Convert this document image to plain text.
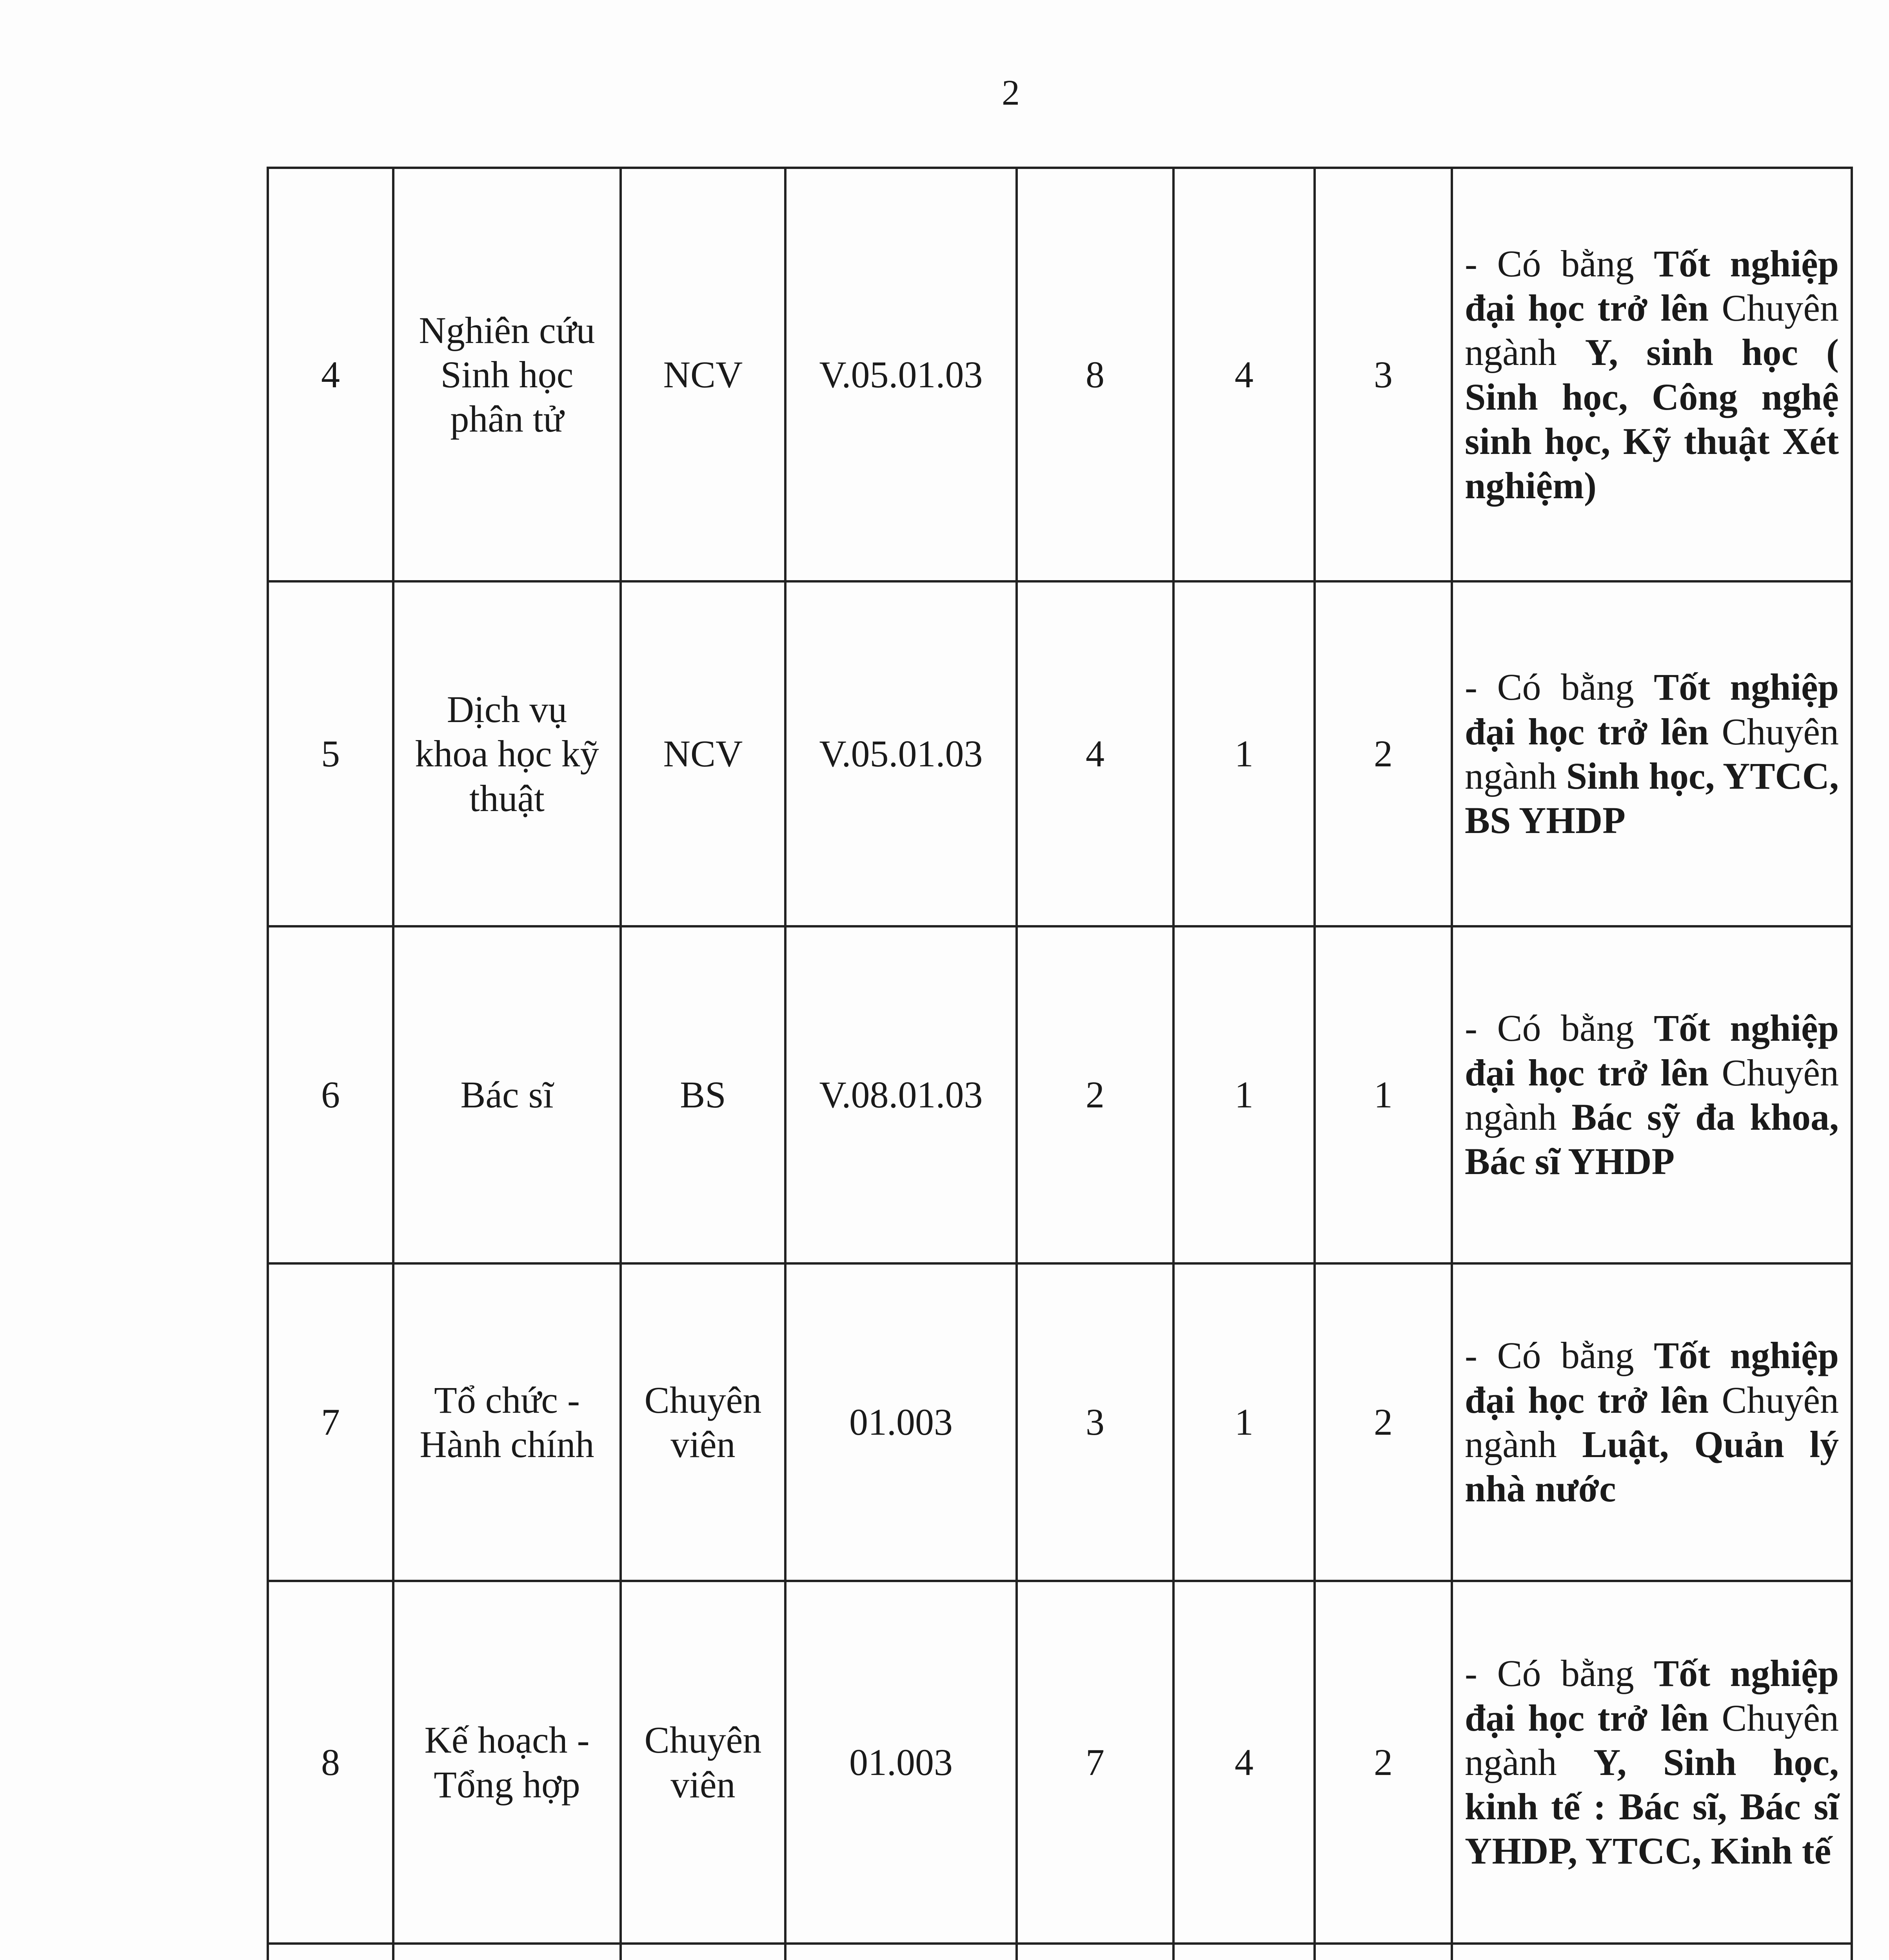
2
4	Nghiên cứu Sinh học phân tử	NCV	V.05.01.03	8	4	3	- Có bằng Tốt nghiệp đại học trở lên Chuyên ngành Y, sinh học ( Sinh học, Công nghệ sinh học, Kỹ thuật Xét nghiệm)

5	Dịch vụ khoa học kỹ thuật	NCV	V.05.01.03	4	1	2	- Có bằng Tốt nghiệp đại học trở lên Chuyên ngành Sinh học, YTCC, BS YHDP

6	Bác sĩ	BS	V.08.01.03	2	1	1	- Có bằng Tốt nghiệp đại học trở lên Chuyên ngành Bác sỹ đa khoa, Bác sĩ YHDP

7	Tổ chức - Hành chính	Chuyên viên	01.003	3	1	2	- Có bằng Tốt nghiệp đại học trở lên Chuyên ngành Luật, Quản lý nhà nước

8	Kế hoạch - Tổng hợp	Chuyên viên	01.003	7	4	2	- Có bằng Tốt nghiệp đại học trở lên Chuyên ngành Y, Sinh học, kinh tế : Bác sĩ, Bác sĩ YHDP, YTCC, Kinh tế
